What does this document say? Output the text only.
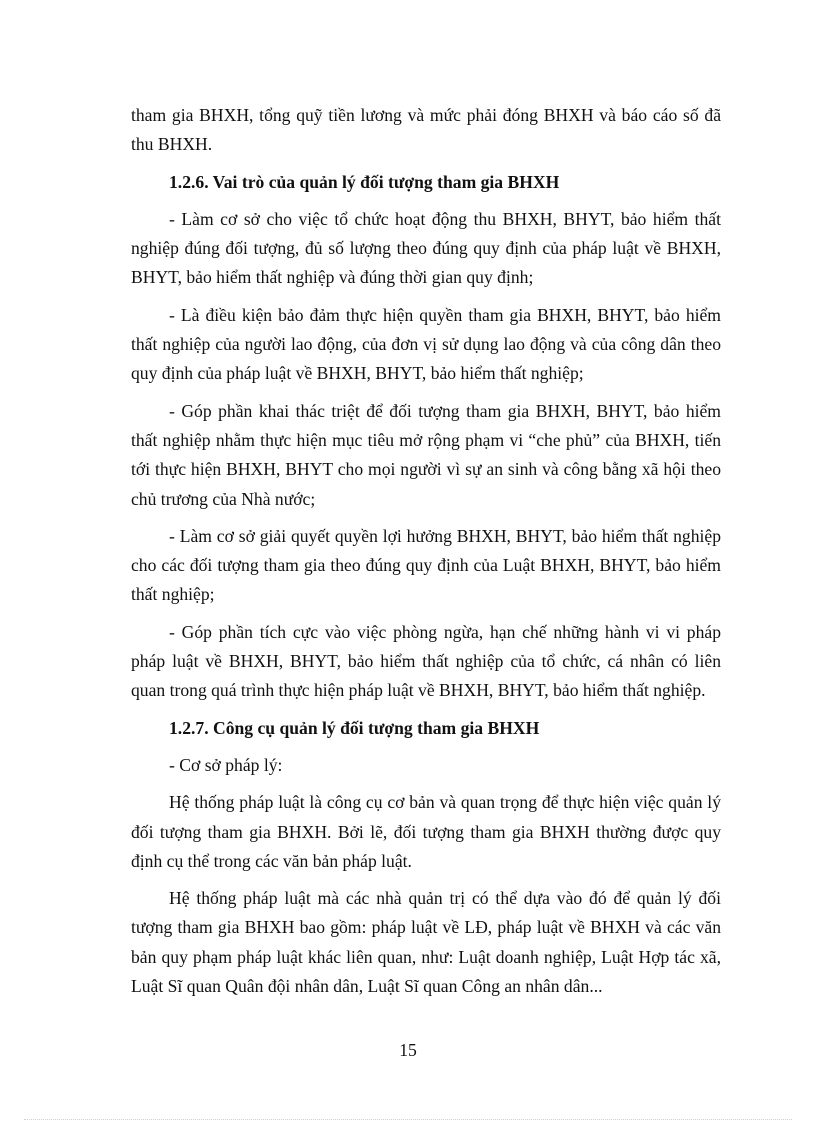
tham gia BHXH, tổng quỹ tiền lương và mức phải đóng BHXH và báo cáo số đã thu BHXH.

1.2.6. Vai trò của quản lý đối tượng tham gia BHXH

- Làm cơ sở cho việc tổ chức hoạt động thu BHXH, BHYT, bảo hiểm thất nghiệp đúng đối tượng, đủ số lượng theo đúng quy định của pháp luật về BHXH, BHYT, bảo hiểm thất nghiệp và đúng thời gian quy định;

- Là điều kiện bảo đảm thực hiện quyền tham gia BHXH, BHYT, bảo hiểm thất nghiệp của người lao động, của đơn vị sử dụng lao động và của công dân theo quy định của pháp luật về BHXH, BHYT, bảo hiểm thất nghiệp;

- Góp phần khai thác triệt để đối tượng tham gia BHXH, BHYT, bảo hiểm thất nghiệp nhằm thực hiện mục tiêu mở rộng phạm vi “che phủ” của BHXH, tiến tới thực hiện BHXH, BHYT cho mọi người vì sự an sinh và công bằng xã hội theo chủ trương của Nhà nước;

- Làm cơ sở giải quyết quyền lợi hưởng BHXH, BHYT, bảo hiểm thất nghiệp cho các đối tượng tham gia theo đúng quy định của Luật BHXH, BHYT, bảo hiểm thất nghiệp;

- Góp phần tích cực vào việc phòng ngừa, hạn chế những hành vi vi pháp pháp luật về BHXH, BHYT, bảo hiểm thất nghiệp của tổ chức, cá nhân có liên quan trong quá trình thực hiện pháp luật về BHXH, BHYT, bảo hiểm thất nghiệp.

1.2.7. Công cụ quản lý đối tượng tham gia BHXH

- Cơ sở pháp lý:

Hệ thống pháp luật là công cụ cơ bản và quan trọng để thực hiện việc quản lý đối tượng tham gia BHXH. Bởi lẽ, đối tượng tham gia BHXH thường được quy định cụ thể trong các văn bản pháp luật.

Hệ thống pháp luật mà các nhà quản trị có thể dựa vào đó để quản lý đối tượng tham gia BHXH bao gồm: pháp luật về LĐ, pháp luật về BHXH và các văn bản quy phạm pháp luật khác liên quan, như: Luật doanh nghiệp, Luật Hợp tác xã, Luật Sĩ quan Quân đội nhân dân, Luật Sĩ quan Công an nhân dân...

15
